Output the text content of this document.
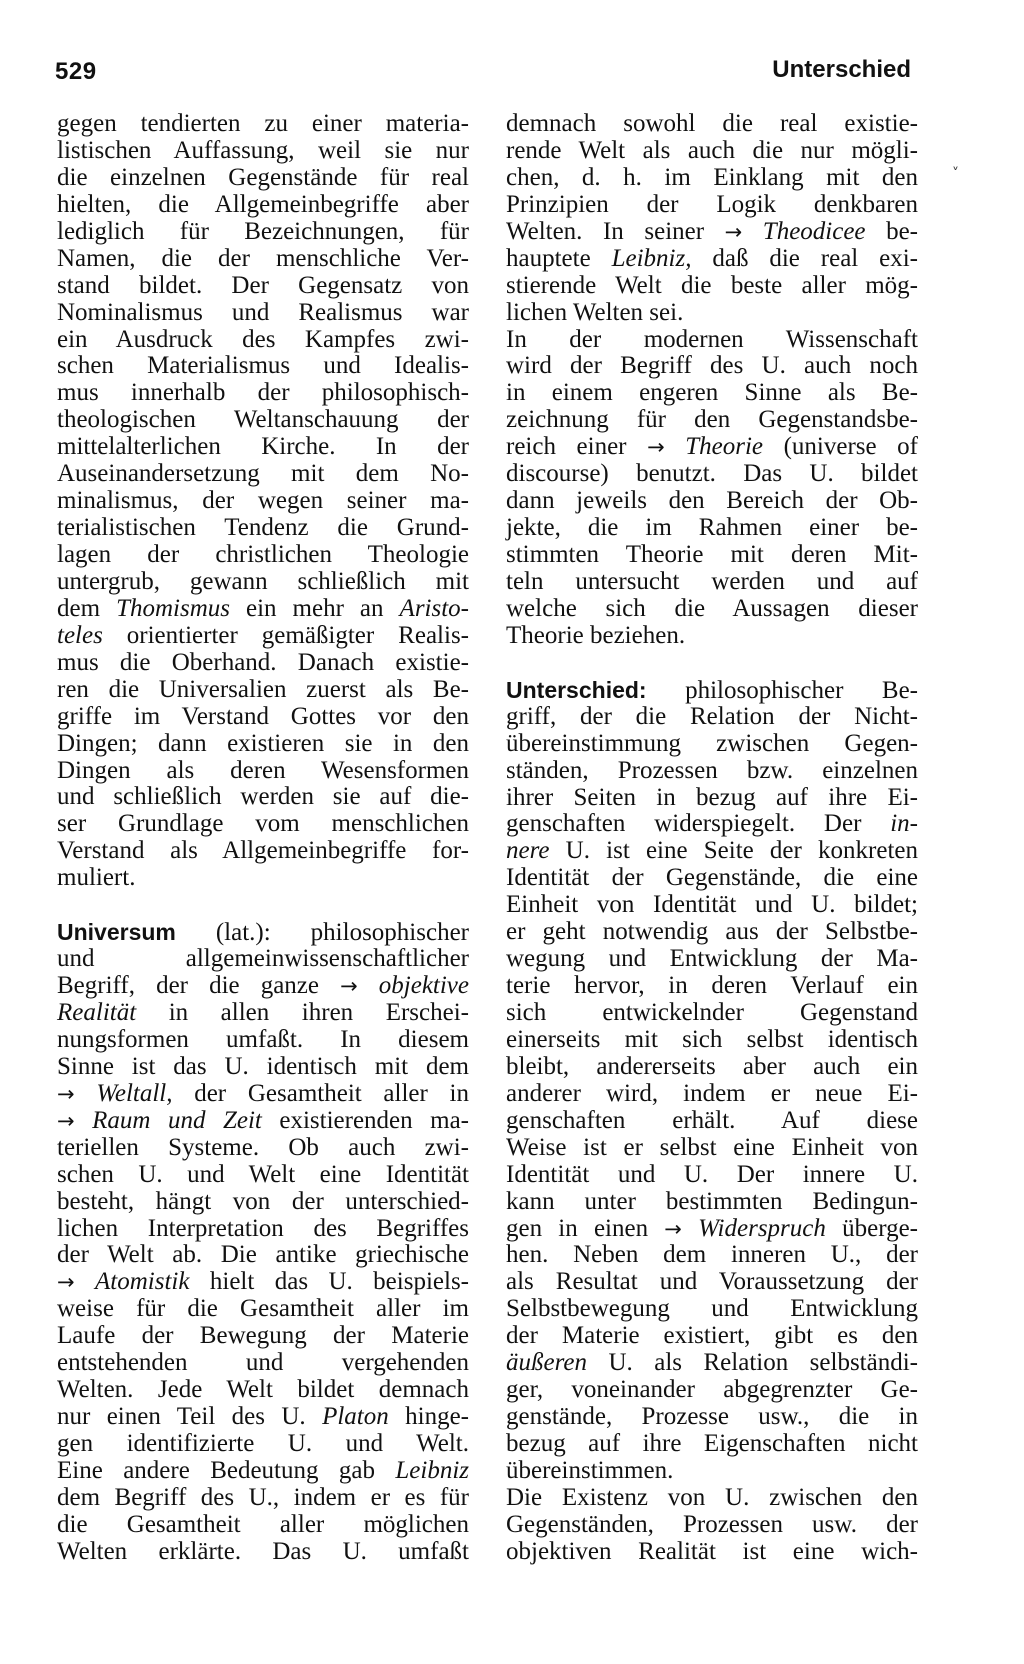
529	Unterschied
˅
gegen tendierten zu einer materia-
listischen Auffassung, weil sie nur
die einzelnen Gegenstände für real
hielten, die Allgemeinbegriffe aber
lediglich für Bezeichnungen, für
Namen, die der menschliche Ver-
stand bildet. Der Gegensatz von
Nominalismus und Realismus war
ein Ausdruck des Kampfes zwi-
schen Materialismus und Idealis-
mus innerhalb der philosophisch-
theologischen Weltanschauung der
mittelalterlichen Kirche. In der
Auseinandersetzung mit dem No-
minalismus, der wegen seiner ma-
terialistischen Tendenz die Grund-
lagen der christlichen Theologie
untergrub, gewann schließlich mit
dem Thomismus ein mehr an Aristo-
teles orientierter gemäßigter Realis-
mus die Oberhand. Danach existie-
ren die Universalien zuerst als Be-
griffe im Verstand Gottes vor den
Dingen; dann existieren sie in den
Dingen als deren Wesensformen
und schließlich werden sie auf die-
ser Grundlage vom menschlichen
Verstand als Allgemeinbegriffe for-
muliert.
Universum (lat.): philosophischer
und allgemeinwissenschaftlicher
Begriff, der die ganze → objektive
Realität in allen ihren Erschei-
nungsformen umfaßt. In diesem
Sinne ist das U. identisch mit dem
→ Weltall, der Gesamtheit aller in
→ Raum und Zeit existierenden ma-
teriellen Systeme. Ob auch zwi-
schen U. und Welt eine Identität
besteht, hängt von der unterschied-
lichen Interpretation des Begriffes
der Welt ab. Die antike griechische
→ Atomistik hielt das U. beispiels-
weise für die Gesamtheit aller im
Laufe der Bewegung der Materie
entstehenden und vergehenden
Welten. Jede Welt bildet demnach
nur einen Teil des U. Platon hinge-
gen identifizierte U. und Welt.
Eine andere Bedeutung gab Leibniz
dem Begriff des U., indem er es für
die Gesamtheit aller möglichen
Welten erklärte. Das U. umfaßt
demnach sowohl die real existie-
rende Welt als auch die nur mögli-
chen, d. h. im Einklang mit den
Prinzipien der Logik denkbaren
Welten. In seiner → Theodicee be-
hauptete Leibniz, daß die real exi-
stierende Welt die beste aller mög-
lichen Welten sei.
In der modernen Wissenschaft
wird der Begriff des U. auch noch
in einem engeren Sinne als Be-
zeichnung für den Gegenstandsbe-
reich einer → Theorie (universe of
discourse) benutzt. Das U. bildet
dann jeweils den Bereich der Ob-
jekte, die im Rahmen einer be-
stimmten Theorie mit deren Mit-
teln untersucht werden und auf
welche sich die Aussagen dieser
Theorie beziehen.
Unterschied: philosophischer Be-
griff, der die Relation der Nicht-
übereinstimmung zwischen Gegen-
ständen, Prozessen bzw. einzelnen
ihrer Seiten in bezug auf ihre Ei-
genschaften widerspiegelt. Der in-
nere U. ist eine Seite der konkreten
Identität der Gegenstände, die eine
Einheit von Identität und U. bildet;
er geht notwendig aus der Selbstbe-
wegung und Entwicklung der Ma-
terie hervor, in deren Verlauf ein
sich entwickelnder Gegenstand
einerseits mit sich selbst identisch
bleibt, andererseits aber auch ein
anderer wird, indem er neue Ei-
genschaften erhält. Auf diese
Weise ist er selbst eine Einheit von
Identität und U. Der innere U.
kann unter bestimmten Bedingun-
gen in einen → Widerspruch überge-
hen. Neben dem inneren U., der
als Resultat und Voraussetzung der
Selbstbewegung und Entwicklung
der Materie existiert, gibt es den
äußeren U. als Relation selbständi-
ger, voneinander abgegrenzter Ge-
genstände, Prozesse usw., die in
bezug auf ihre Eigenschaften nicht
übereinstimmen.
Die Existenz von U. zwischen den
Gegenständen, Prozessen usw. der
objektiven Realität ist eine wich-
